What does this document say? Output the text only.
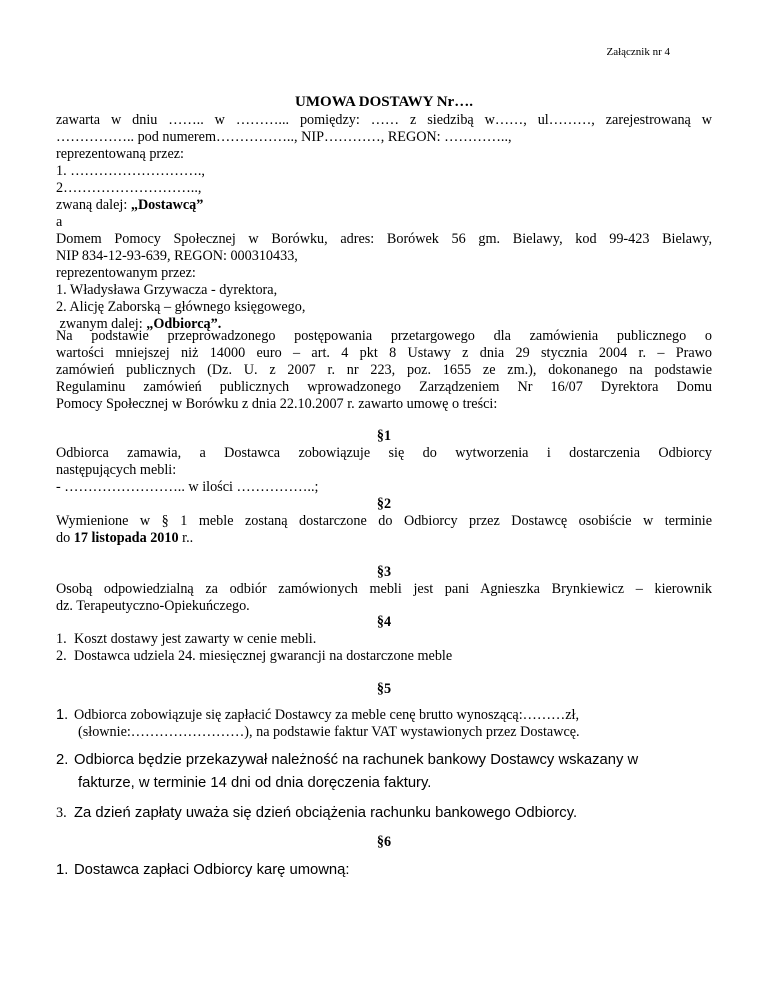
Załącznik nr 4
UMOWA DOSTAWY Nr….
zawarta w dniu …….. w ………... pomiędzy: …… z siedzibą w……, ul………, zarejestrowaną w
…………….. pod numerem…………….., NIP…………, REGON: …………..,
reprezentowaną przez:
1. ……………………….,
2………………………..,
zwaną dalej: „Dostawcą”
a
Domem Pomocy Społecznej w Borówku, adres: Borówek 56 gm. Bielawy, kod 99-423 Bielawy,
NIP 834-12-93-639, REGON: 000310433,
reprezentowanym przez:
1. Władysława Grzywacza - dyrektora,
2. Alicję Zaborską – głównego księgowego,
zwanym dalej: „Odbiorcą”.
Na podstawie przeprowadzonego postępowania przetargowego dla zamówienia publicznego o
wartości mniejszej niż 14000 euro – art. 4 pkt 8 Ustawy z dnia 29 stycznia 2004 r. – Prawo
zamówień publicznych (Dz. U. z 2007 r. nr 223, poz. 1655 ze zm.), dokonanego na podstawie
Regulaminu zamówień publicznych wprowadzonego Zarządzeniem Nr 16/07 Dyrektora Domu
Pomocy Społecznej w Borówku z dnia 22.10.2007 r. zawarto umowę o treści:
§1
Odbiorca zamawia, a Dostawca zobowiązuje się do wytworzenia i dostarczenia Odbiorcy
następujących mebli:
- …………………….. w ilości ……………..;
§2
Wymienione w § 1 meble zostaną dostarczone do Odbiorcy przez Dostawcę osobiście w terminie
do 17 listopada 2010 r..
§3
Osobą odpowiedzialną za odbiór zamówionych mebli jest pani Agnieszka Brynkiewicz – kierownik
dz. Terapeutyczno-Opiekuńczego.
§4
1. Koszt dostawy jest zawarty w cenie mebli.
2. Dostawca udziela 24. miesięcznej gwarancji na dostarczone meble
§5
1. Odbiorca zobowiązuje się zapłacić Dostawcy za meble cenę brutto wynoszącą:………zł,
(słownie:……………………), na podstawie faktur VAT wystawionych przez Dostawcę.
2. Odbiorca będzie przekazywał należność na rachunek bankowy Dostawcy wskazany w
fakturze, w terminie 14 dni od dnia doręczenia faktury.
3. Za dzień zapłaty uważa się dzień obciążenia rachunku bankowego Odbiorcy.
§6
1. Dostawca zapłaci Odbiorcy karę umowną:
